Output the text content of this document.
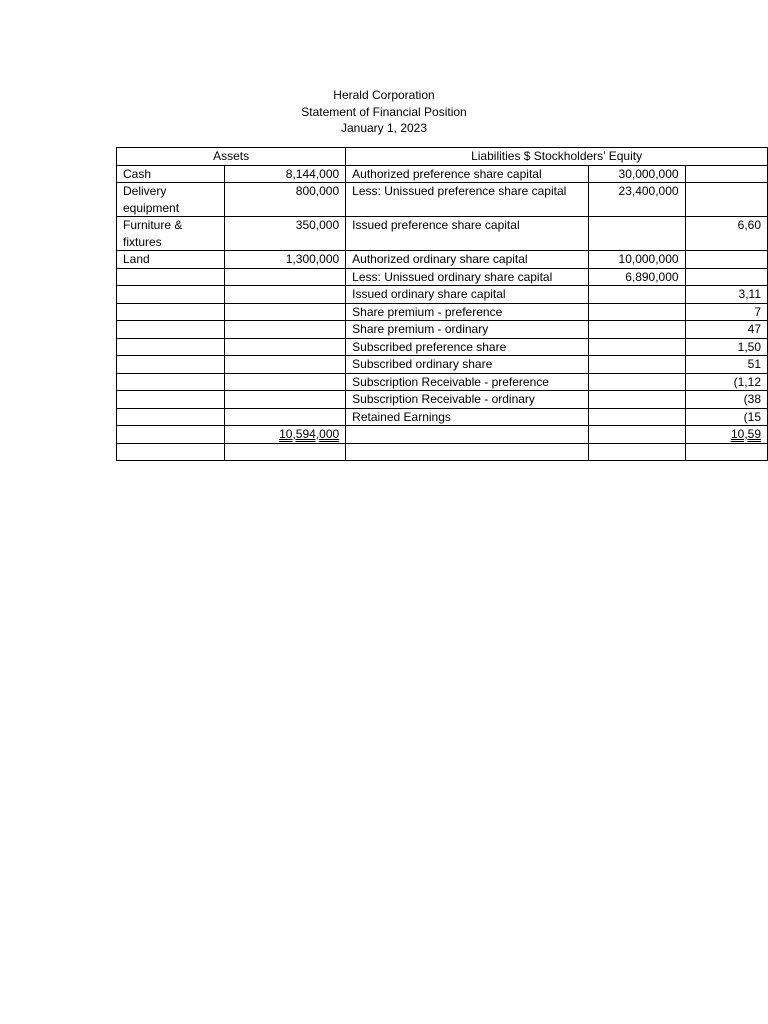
Herald Corporation
Statement of Financial Position
January 1, 2023
Assets		Liabilities $ Stockholders’ Equity		
Cash	8,144,000	Authorized preference share capital	30,000,000	
Delivery equipment	800,000	Less: Unissued preference share capital	23,400,000	
Furniture & fixtures	350,000	Issued preference share capital		6,60
Land	1,300,000	Authorized ordinary share capital	10,000,000	
		Less: Unissued ordinary share capital	6,890,000	
		Issued ordinary share capital		3,11
		Share premium - preference		7
		Share premium - ordinary		47
		Subscribed preference share		1,50
		Subscribed ordinary share		51
		Subscription Receivable - preference		(1,12
		Subscription Receivable - ordinary		(38
		Retained Earnings		(15
	10,594,000			10,59
